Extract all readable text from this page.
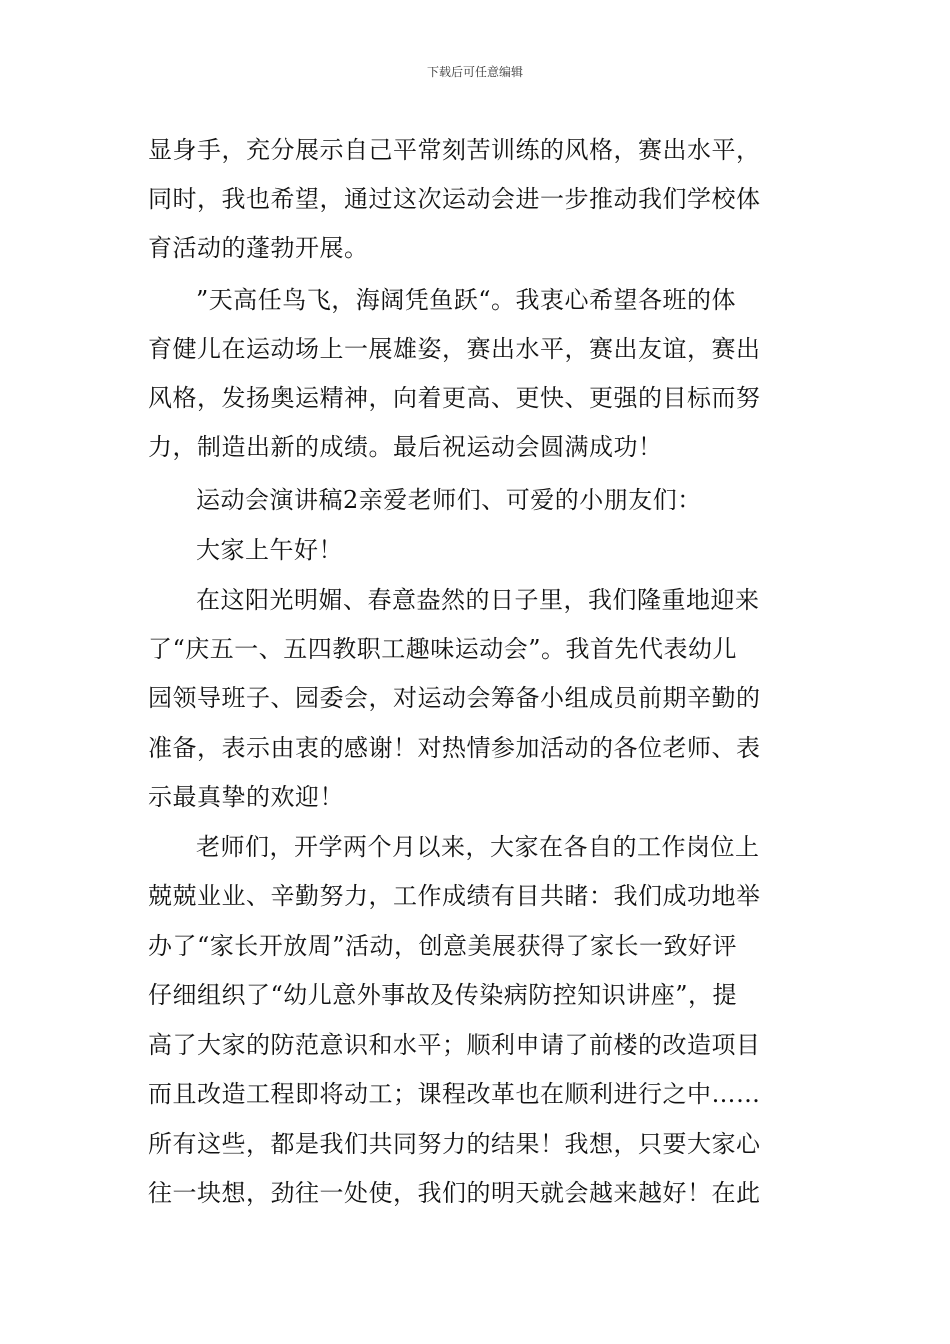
下载后可任意编辑
显身手，充分展示自己平常刻苦训练的风格，赛出水平，
同时，我也希望，通过这次运动会进一步推动我们学校体
育活动的蓬勃开展。
”天高任鸟飞，海阔凭鱼跃“。我衷心希望各班的体
育健儿在运动场上一展雄姿，赛出水平，赛出友谊，赛出
风格，发扬奥运精神，向着更高、更快、更强的目标而努
力，制造出新的成绩。最后祝运动会圆满成功！
运动会演讲稿2亲爱老师们、可爱的小朋友们：
大家上午好！
在这阳光明媚、春意盎然的日子里，我们隆重地迎来
了“庆五一、五四教职工趣味运动会”。我首先代表幼儿
园领导班子、园委会，对运动会筹备小组成员前期辛勤的
准备，表示由衷的感谢！对热情参加活动的各位老师、表
示最真挚的欢迎！
老师们，开学两个月以来，大家在各自的工作岗位上
兢兢业业、辛勤努力，工作成绩有目共睹：我们成功地举
办了“家长开放周”活动，创意美展获得了家长一致好评
仔细组织了“幼儿意外事故及传染病防控知识讲座”，提
高了大家的防范意识和水平；顺利申请了前楼的改造项目
而且改造工程即将动工；课程改革也在顺利进行之中……
所有这些，都是我们共同努力的结果！我想，只要大家心
往一块想，劲往一处使，我们的明天就会越来越好！在此
